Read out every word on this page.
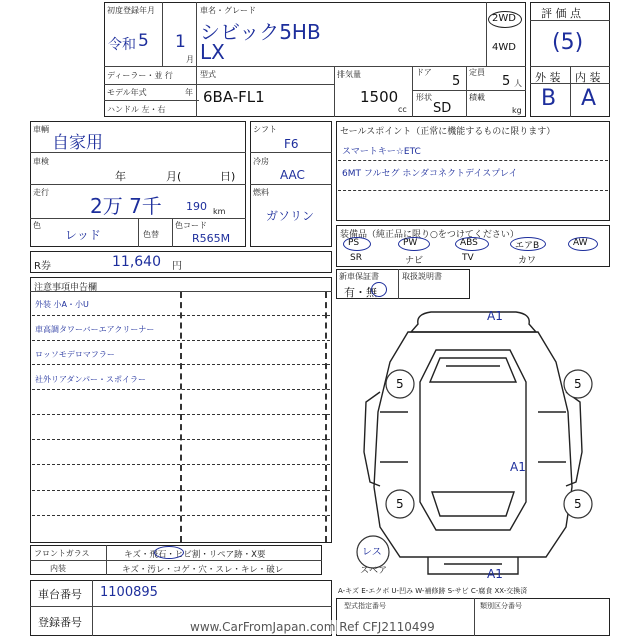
初度登録年月
令和 5 1
月
車名・グレード
シビック5HB
LX
2WD
4WD
ディーラー・並 行
モデル年式	年
ハンドル 左・右
型式
6BA-FL1
排気量
1500
cc
ドア
5
形状
SD
定員
5 人
積載
kg
評 価 点
(5)
外 装 内 装
B A
車輌
自家用
車検
年	月(	日)
走行
2万 7千 190 km
色
レッド	色替
色コード
R565M
シフト
F6
冷房
AAC
燃料
ガソリン
R券	11,640 円
セールスポイント（正常に機能するものに限ります）
スマートキー☆ETC
6MT フルセグ ホンダコネクトデイスプレイ
装備品（純正品に限り○をつけてください）
PS	PW	ABS	エアB	AW
SR	ナビ	TV	カワ
新車保証書
有・無
取扱説明書
注意事項申告欄
外装 小A・小U
車高調タワーバーエアクリーナー
ロッソモデロマフラー
社外リアダンパー・スポイラー
フロントガラス	キズ・飛石・ヒビ割・リペア跡・X要
内装	キズ・汚レ・コゲ・穴・スレ・キレ・破レ
車台番号 1100895
登録番号
A1
A1
A1
5	5
5	5
レス
スペア
A-キズ E-エクボ U-凹み W-補修跡 S-サビ C-腐食 XX-交換済
型式指定番号	類別区分番号
www.CarFromJapan.com Ref CFJ2110499
